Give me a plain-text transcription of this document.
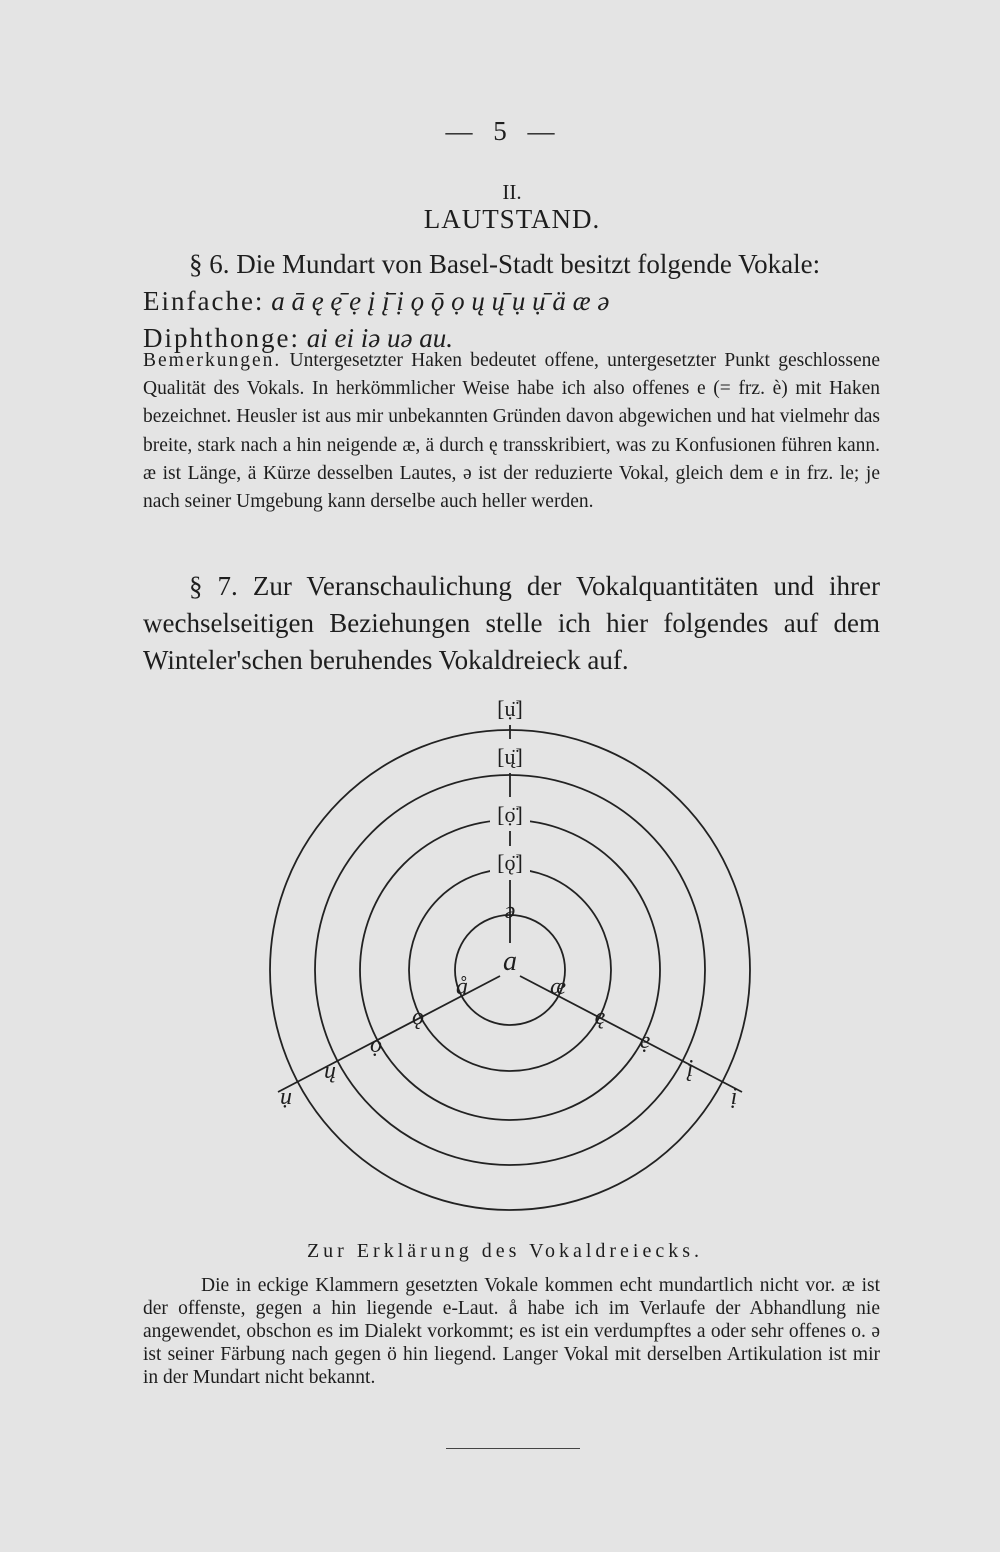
— 5 —
II.
LAUTSTAND.
§ 6. Die Mundart von Basel-Stadt besitzt folgende Vokale:
Einfache: a ā ę ę̄ ẹ į į̄ ị ǫ ǭ ọ ų ų̄ ụ ụ̄ ä æ ə
Diphthonge: ai ei iə uə au.
Bemerkungen. Untergesetzter Haken bedeutet offene, untergesetzter Punkt geschlossene Qualität des Vokals. In herkömmlicher Weise habe ich also offenes e (= frz. è) mit Haken bezeichnet. Heusler ist aus mir unbekannten Gründen davon abgewichen und hat vielmehr das breite, stark nach a hin neigende æ, ä durch ę transskribiert, was zu Konfusionen führen kann. æ ist Länge, ä Kürze desselben Lautes, ə ist der reduzierte Vokal, gleich dem e in frz. le; je nach seiner Umgebung kann derselbe auch heller werden.
§ 7. Zur Veranschaulichung der Vokalquantitäten und ihrer wechselseitigen Beziehungen stelle ich hier folgendes auf dem Winteler'schen beruhendes Vokaldreieck auf.
[ụ̈]
[ų̈]
[ọ̈]
[ǫ̈]
ə
a
å
ǫ
ọ
ų
ụ
æ
ę
ẹ
į
ị
Zur Erklärung des Vokaldreiecks.
Die in eckige Klammern gesetzten Vokale kommen echt mundartlich nicht vor. æ ist der offenste, gegen a hin liegende e-Laut. å habe ich im Verlaufe der Abhandlung nie angewendet, obschon es im Dialekt vorkommt; es ist ein verdumpftes a oder sehr offenes o. ə ist seiner Färbung nach gegen ö hin liegend. Langer Vokal mit derselben Artikulation ist mir in der Mundart nicht bekannt.
